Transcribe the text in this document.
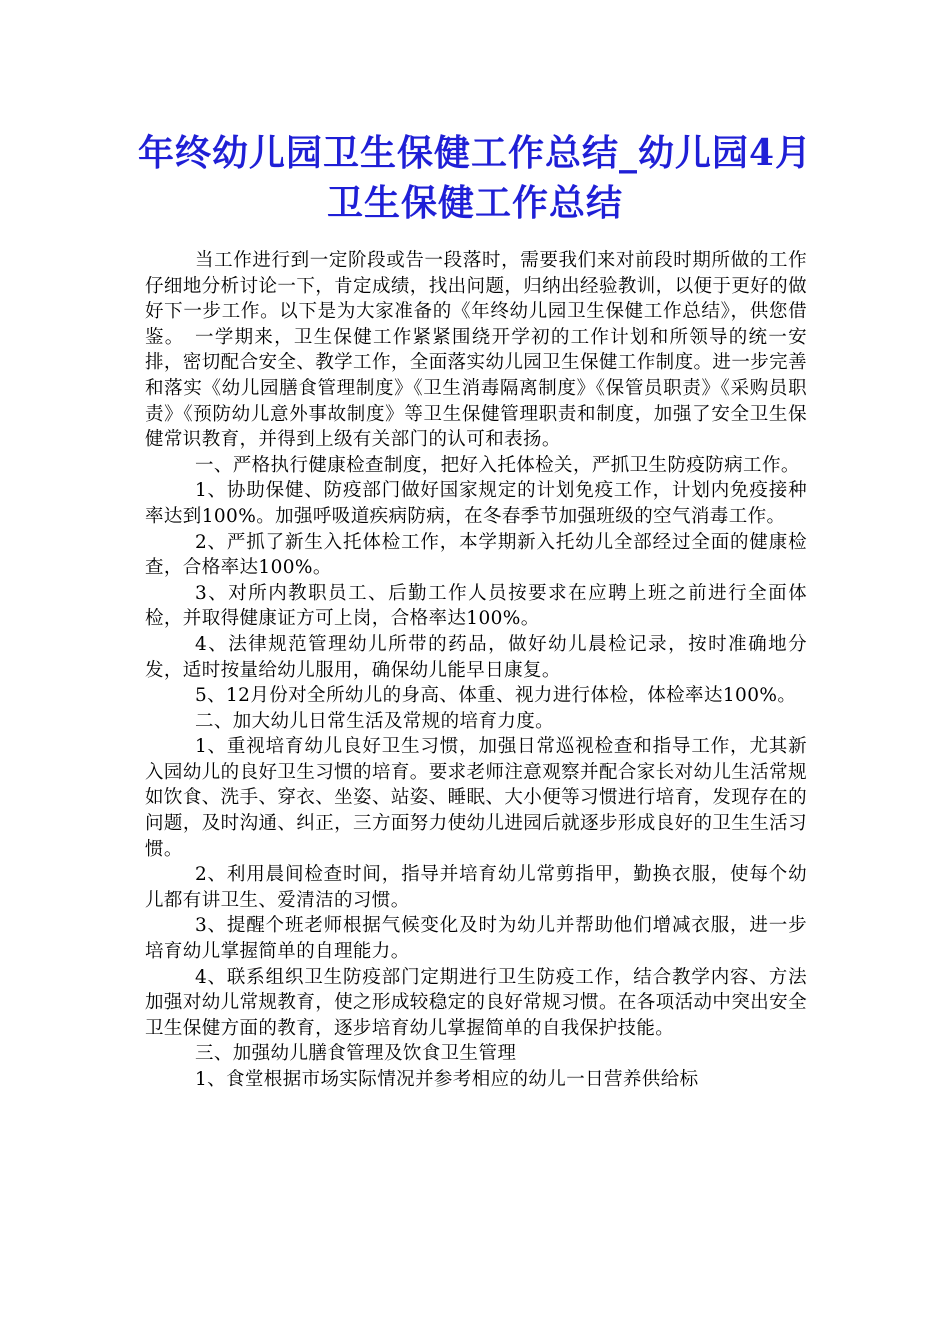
年终幼儿园卫生保健工作总结_幼儿园4月卫生保健工作总结

当工作进行到一定阶段或告一段落时，需要我们来对前段时期所做的工作仔细地分析讨论一下，肯定成绩，找出问题，归纳出经验教训，以便于更好的做好下一步工作。以下是为大家准备的《年终幼儿园卫生保健工作总结》，供您借鉴。　一学期来，卫生保健工作紧紧围绕开学初的工作计划和所领导的统一安排，密切配合安全、教学工作，全面落实幼儿园卫生保健工作制度。进一步完善和落实《幼儿园膳食管理制度》《卫生消毒隔离制度》《保管员职责》《采购员职责》《预防幼儿意外事故制度》等卫生保健管理职责和制度，加强了安全卫生保健常识教育，并得到上级有关部门的认可和表扬。

一、严格执行健康检查制度，把好入托体检关，严抓卫生防疫防病工作。

1、协助保健、防疫部门做好国家规定的计划免疫工作，计划内免疫接种率达到100%。加强呼吸道疾病防病，在冬春季节加强班级的空气消毒工作。

2、严抓了新生入托体检工作，本学期新入托幼儿全部经过全面的健康检查，合格率达100%。

3、对所内教职员工、后勤工作人员按要求在应聘上班之前进行全面体检，并取得健康证方可上岗，合格率达100%。

4、法律规范管理幼儿所带的药品，做好幼儿晨检记录，按时准确地分发，适时按量给幼儿服用，确保幼儿能早日康复。

5、12月份对全所幼儿的身高、体重、视力进行体检，体检率达100%。

二、加大幼儿日常生活及常规的培育力度。

1、重视培育幼儿良好卫生习惯，加强日常巡视检查和指导工作，尤其新入园幼儿的良好卫生习惯的培育。要求老师注意观察并配合家长对幼儿生活常规如饮食、洗手、穿衣、坐姿、站姿、睡眠、大小便等习惯进行培育，发现存在的问题，及时沟通、纠正，三方面努力使幼儿进园后就逐步形成良好的卫生生活习惯。

2、利用晨间检查时间，指导并培育幼儿常剪指甲，勤换衣服，使每个幼儿都有讲卫生、爱清洁的习惯。

3、提醒个班老师根据气候变化及时为幼儿并帮助他们增减衣服，进一步培育幼儿掌握简单的自理能力。

4、联系组织卫生防疫部门定期进行卫生防疫工作，结合教学内容、方法加强对幼儿常规教育，使之形成较稳定的良好常规习惯。在各项活动中突出安全卫生保健方面的教育，逐步培育幼儿掌握简单的自我保护技能。

三、加强幼儿膳食管理及饮食卫生管理

1、食堂根据市场实际情况并参考相应的幼儿一日营养供给标
